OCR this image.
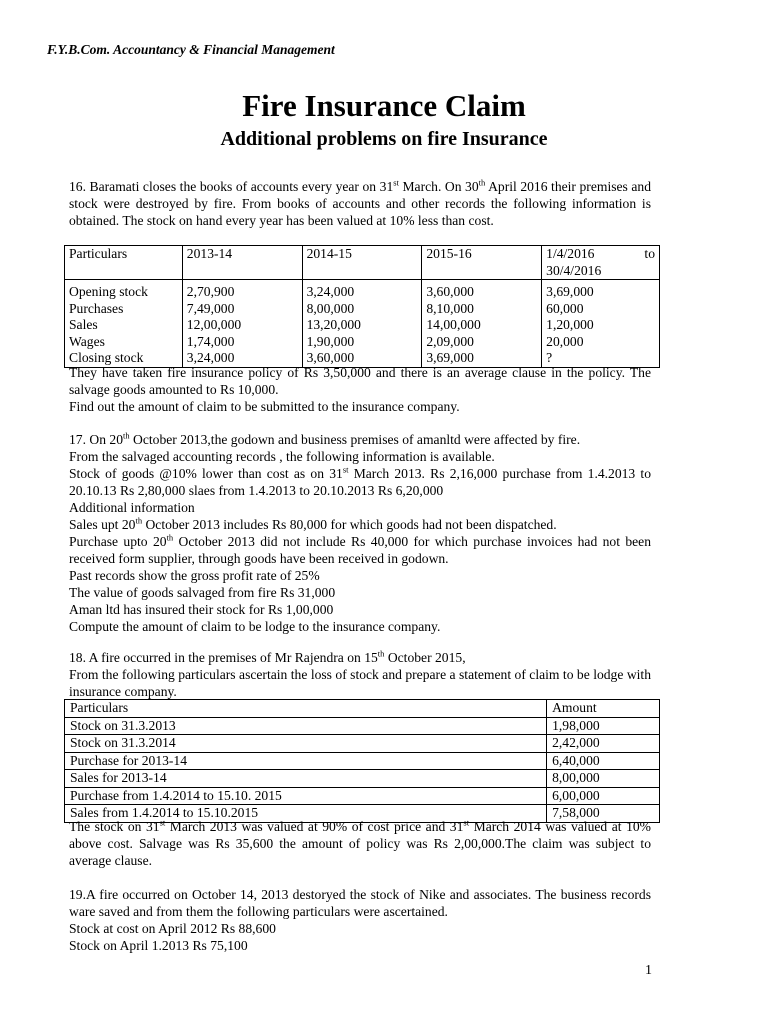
F.Y.B.Com. Accountancy & Financial Management
Fire Insurance Claim
Additional problems on fire Insurance
16. Baramati closes the books of accounts every year on 31st March. On 30th April 2016 their premises and stock were destroyed by fire. From books of accounts and other records the following information is obtained. The stock on hand every year has been valued at 10% less than cost.
Particulars	2013-14	2014-15	2015-16	1/4/2016 to
30/4/2016

Opening stock	2,70,900	3,24,000	3,60,000	3,69,000
Purchases	7,49,000	8,00,000	8,10,000	60,000
Sales	12,00,000	13,20,000	14,00,000	1,20,000
Wages	1,74,000	1,90,000	2,09,000	20,000
Closing stock	3,24,000	3,60,000	3,69,000	?
They have taken fire insurance policy of Rs 3,50,000 and there is an average clause in the policy. The salvage goods amounted to Rs 10,000.
Find out the amount of claim to be submitted to the insurance company.
17. On 20th October 2013,the godown and business premises of amanltd were affected by fire.
From the salvaged accounting records , the following information is available.
Stock of goods @10% lower than cost as on 31st March 2013. Rs 2,16,000 purchase from 1.4.2013 to 20.10.13 Rs 2,80,000 slaes from 1.4.2013 to 20.10.2013 Rs 6,20,000
Additional information
Sales upt 20th October 2013 includes Rs 80,000 for which goods had not been dispatched.
Purchase upto 20th October 2013 did not include Rs 40,000 for which purchase invoices had not been received form supplier, through goods have been received in godown.
Past records show the gross profit rate of 25%
The value of goods salvaged from fire Rs 31,000
Aman ltd has insured their stock for Rs 1,00,000
Compute the amount of claim to be lodge to the insurance company.
18. A fire occurred in the premises of Mr Rajendra on 15th October 2015,
From the following particulars ascertain the loss of stock and prepare a statement of claim to be lodge with insurance company.
Particulars	Amount
Stock on 31.3.2013	1,98,000
Stock on 31.3.2014	2,42,000
Purchase for 2013-14	6,40,000
Sales for 2013-14	8,00,000
Purchase from 1.4.2014 to 15.10. 2015	6,00,000
Sales from 1.4.2014 to 15.10.2015	7,58,000
The stock on 31st March 2013 was valued at 90% of cost price and 31st March 2014 was valued at 10% above cost. Salvage was Rs 35,600 the amount of policy was Rs 2,00,000.The claim was subject to average clause.
19.A fire occurred on October 14, 2013 destoryed the stock of Nike and associates. The business records ware saved and from them the following particulars were ascertained.
Stock at cost on April 2012 Rs 88,600
Stock on April 1.2013 Rs 75,100
1
